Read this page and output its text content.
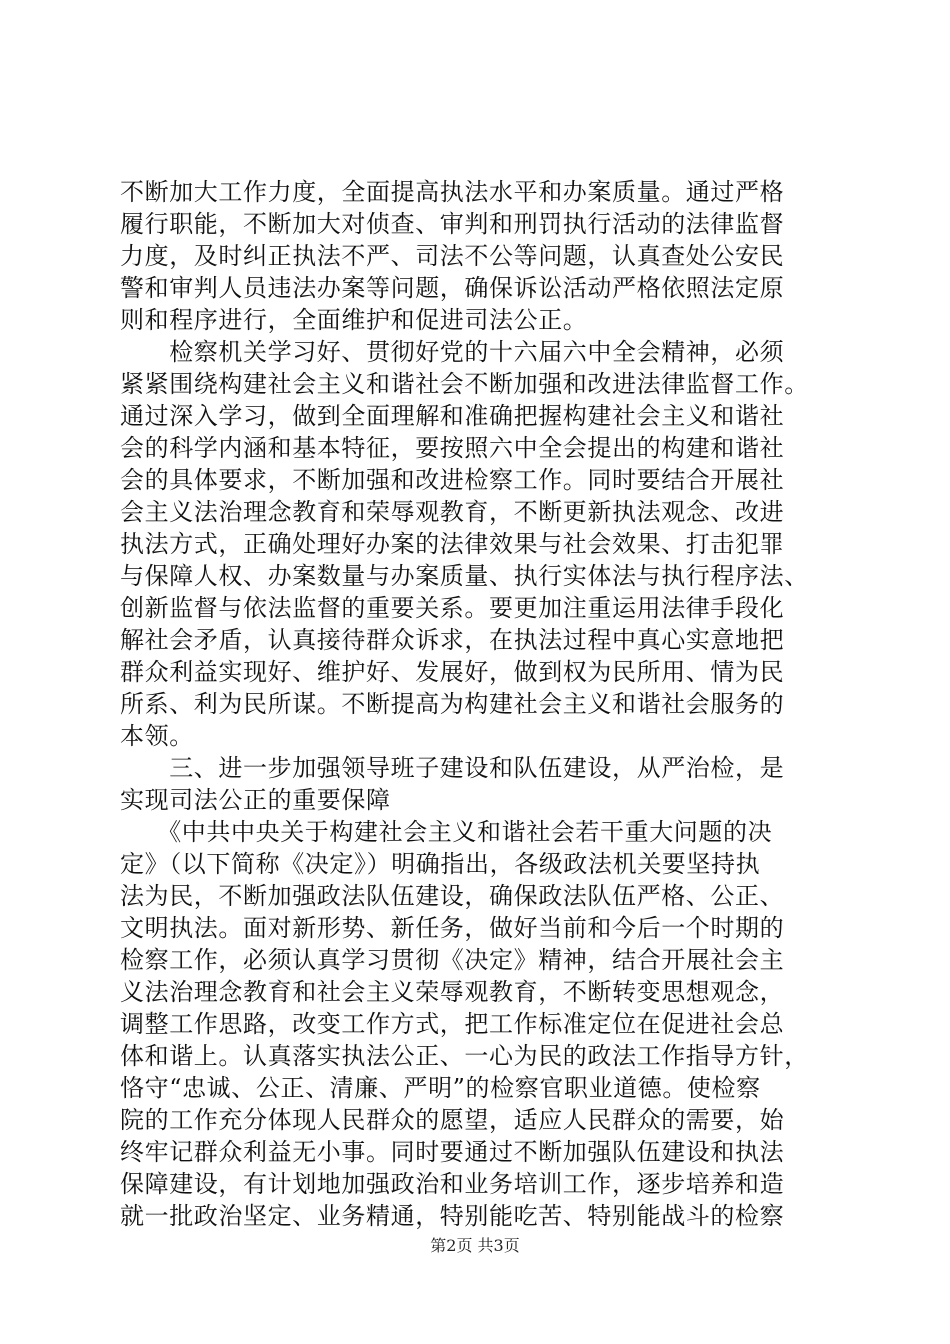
不断加大工作力度，全面提高执法水平和办案质量。通过严格
履行职能，不断加大对侦查、审判和刑罚执行活动的法律监督
力度，及时纠正执法不严、司法不公等问题，认真查处公安民
警和审判人员违法办案等问题，确保诉讼活动严格依照法定原
则和程序进行，全面维护和促进司法公正。
　　检察机关学习好、贯彻好党的十六届六中全会精神，必须
紧紧围绕构建社会主义和谐社会不断加强和改进法律监督工作。
通过深入学习，做到全面理解和准确把握构建社会主义和谐社
会的科学内涵和基本特征，要按照六中全会提出的构建和谐社
会的具体要求，不断加强和改进检察工作。同时要结合开展社
会主义法治理念教育和荣辱观教育，不断更新执法观念、改进
执法方式，正确处理好办案的法律效果与社会效果、打击犯罪
与保障人权、办案数量与办案质量、执行实体法与执行程序法、
创新监督与依法监督的重要关系。要更加注重运用法律手段化
解社会矛盾，认真接待群众诉求，在执法过程中真心实意地把
群众利益实现好、维护好、发展好，做到权为民所用、情为民
所系、利为民所谋。不断提高为构建社会主义和谐社会服务的
本领。
　　三、进一步加强领导班子建设和队伍建设，从严治检，是
实现司法公正的重要保障
　　《中共中央关于构建社会主义和谐社会若干重大问题的决
定》（以下简称《决定》）明确指出，各级政法机关要坚持执
法为民，不断加强政法队伍建设，确保政法队伍严格、公正、
文明执法。面对新形势、新任务，做好当前和今后一个时期的
检察工作，必须认真学习贯彻《决定》精神，结合开展社会主
义法治理念教育和社会主义荣辱观教育，不断转变思想观念，
调整工作思路，改变工作方式，把工作标准定位在促进社会总
体和谐上。认真落实执法公正、一心为民的政法工作指导方针，
恪守“忠诚、公正、清廉、严明”的检察官职业道德。使检察
院的工作充分体现人民群众的愿望，适应人民群众的需要，始
终牢记群众利益无小事。同时要通过不断加强队伍建设和执法
保障建设，有计划地加强政治和业务培训工作，逐步培养和造
就一批政治坚定、业务精通，特别能吃苦、特别能战斗的检察
第2页 共3页
